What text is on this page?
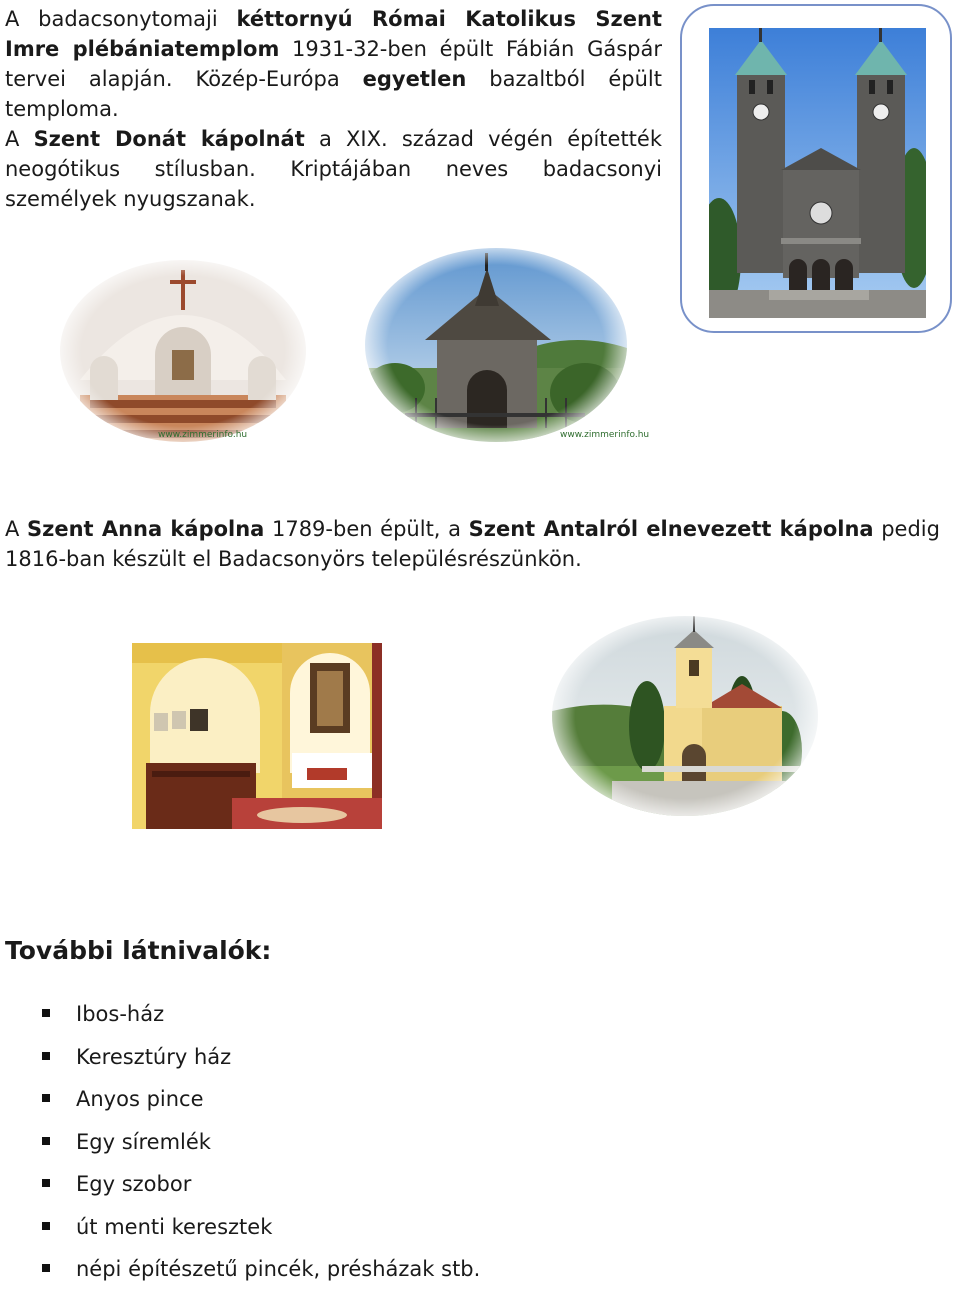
A badacsonytomaji kéttornyú Római Katolikus Szent Imre plébániatemplom 1931-32-ben épült Fábián Gáspár tervei alapján. Közép-Európa egyetlen bazaltból épült temploma.

A Szent Donát kápolnát a XIX. század végén építették neogótikus stílusban. Kriptájában neves badacsonyi személyek nyugszanak.

www.zimmerinfo.hu	www.zimmerinfo.hu

A Szent Anna kápolna 1789-ben épült, a Szent Antalról elnevezett kápolna pedig 1816-ban készült el Badacsonyörs településrészünkön.

További látnivalók:
Ibos-ház
Keresztúry ház
Anyos pince
Egy síremlék
Egy szobor
út menti keresztek
népi építészetű pincék, présházak stb.
